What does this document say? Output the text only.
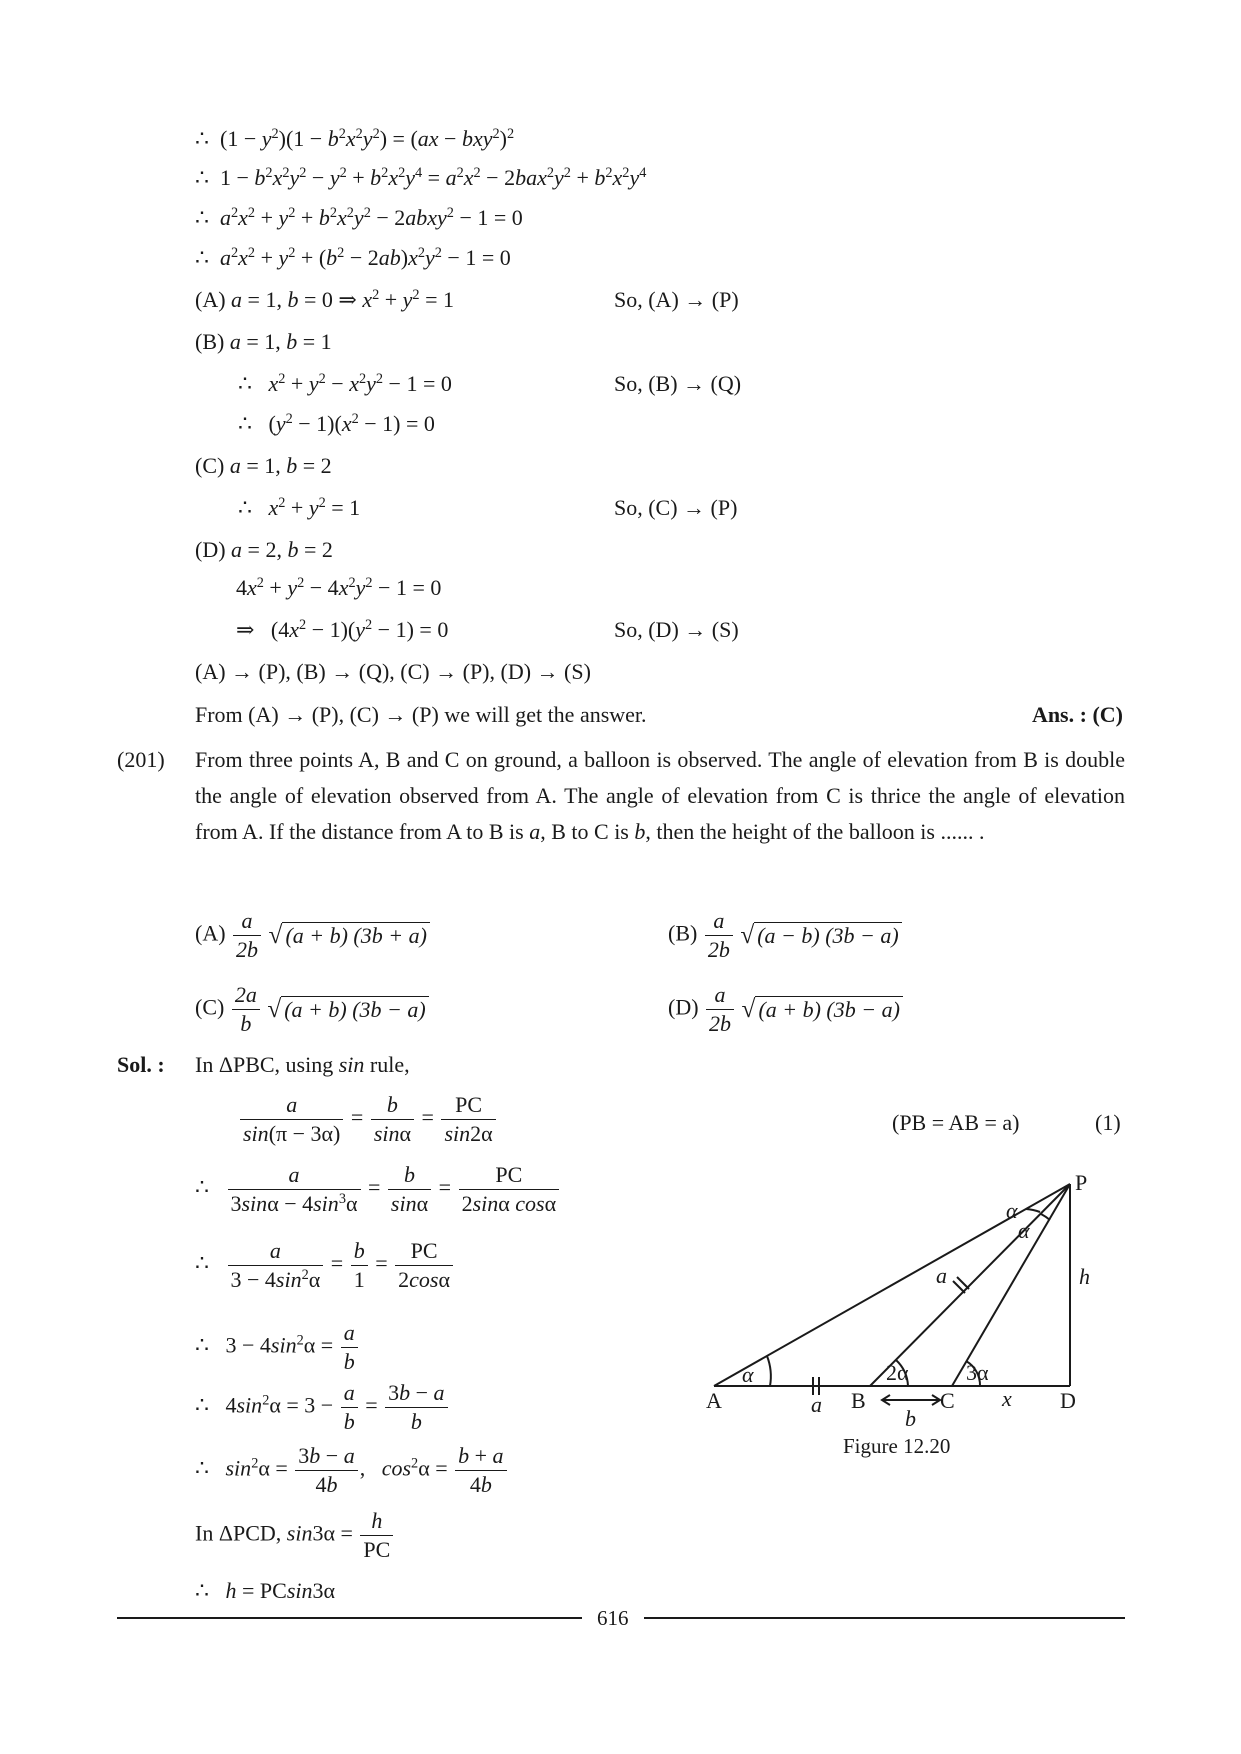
∴  $(1 - y^2)(1 - b^2x^2y^2) = (ax - bxy^2)^2$
∴  $1 - b^2x^2y^2 - y^2 + b^2x^2y^4 = a^2x^2 - 2bax^2y^2 + b^2x^2y^4$
∴  $a^2x^2 + y^2 + b^2x^2y^2$ − 2abxy$^2$ − 1 = 0
∴  $a^2x^2 + y^2 + (b^2 - 2ab)x^2y^2 - 1 = 0$
(A) a = 1, b = 0 ⇒ $x^2 + y^2 = 1$	So, (A) → (P)
(B) a = 1, b = 1
∴   $x^2 + y^2 - x^2y^2 - 1 = 0$	So, (B) → (Q)
∴   $(y^2 - 1)(x^2 - 1) = 0$
(C) a = 1, b = 2
∴   $x^2 + y^2 = 1$	So, (C) → (P)
(D) a = 2, b = 2
$4x^2 + y^2 - 4x^2y^2 - 1 = 0$
⇒   $(4x^2 - 1)(y^2 - 1) = 0$	So, (D) → (S)
(A) → (P), (B) → (Q), (C) → (P), (D) → (S)
From (A) → (P), (C) → (P) we will get the answer.	Ans. : (C)
(201) From three points A, B and C on ground, a balloon is observed. The angle of elevation from B is double the angle of elevation observed from A. The angle of elevation from C is thrice the angle of elevation from A. If the distance from A to B is a, B to C is b, then the height of the balloon is ...... .
$(A) \frac{a}{2b}$ √ (a + b) (3b + a)	$(B) \frac{a}{2b}$ √ (a − b) (3b − a)
$(C) \frac{2a}{b}$ √ (a + b) (3b − a)	$(D) \frac{a}{2b}$ √ (a + b) (3b − a)
Sol. : In ΔPBC, using sin rule,
$\frac{a}{\sin(\pi - 3\alpha)} = \frac{b}{\sin\alpha} = \frac{PC}{\sin 2\alpha}$	(PB = AB = a)	(1)
∴ $\frac{a}{3\sin\alpha - 4\sin^3\alpha} = \frac{b}{\sin\alpha} = \frac{PC}{\text{2sinα cosα}}$
∴ $\frac{a}{3 - 4\sin^2\alpha} = \frac{b}{1} = \frac{PC}{2\cos\alpha}$
∴   $3 - 4\sin^2\alpha = \frac{a}{b}$
∴   $4\sin^2\alpha = 3 - \frac{a}{b} = \frac{3b - a}{b}$
∴   $\sin^2\alpha = \frac{3b - a}{4b}$ ,   $\cos^2\alpha = \frac{b + a}{4b}$
In ΔPCD, $\sin 3\alpha = \frac{h}{PC}$
∴   h = PCsin3α
A	B	C	D
P
α	2α	3α
α
α
a
a
b
x
h
Figure 12.20
616
